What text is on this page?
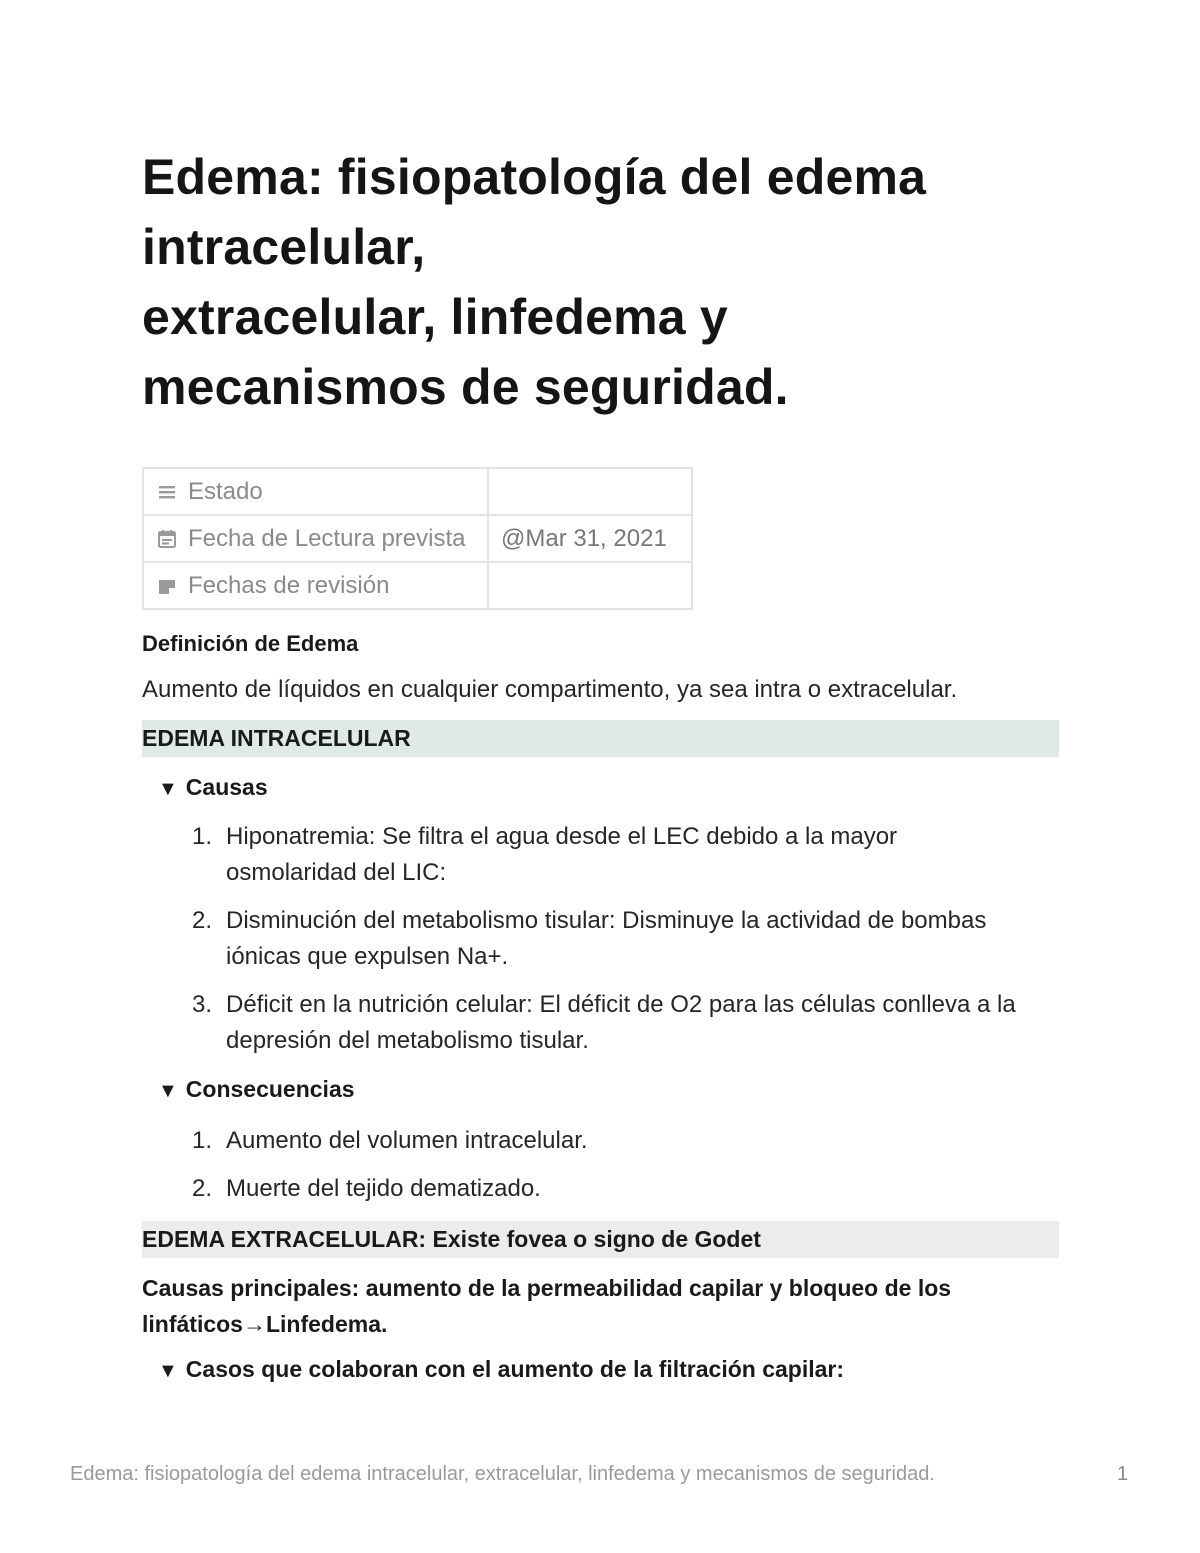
Edema: fisiopatología del edema
intracelular,
extracelular, linfedema y
mecanismos de seguridad.
Estado	

Fecha de Lectura prevista	@Mar 31, 2021

Fechas de revisión	

Definición de Edema
Aumento de líquidos en cualquier compartimento, ya sea intra o extracelular.
EDEMA INTRACELULAR
▼ Causas
1. Hiponatremia: Se filtra el agua desde el LEC debido a la mayor
osmolaridad del LIC:
2. Disminución del metabolismo tisular: Disminuye la actividad de bombas
iónicas que expulsen Na+.
3. Déficit en la nutrición celular: El déficit de O2 para las células conlleva a la
depresión del metabolismo tisular.
▼ Consecuencias
1. Aumento del volumen intracelular.
2. Muerte del tejido dematizado.
EDEMA EXTRACELULAR: Existe fovea o signo de Godet
Causas principales: aumento de la permeabilidad capilar y bloqueo de los
linfáticos→Linfedema.
▼ Casos que colaboran con el aumento de la filtración capilar:
Edema: fisiopatología del edema intracelular, extracelular, linfedema y mecanismos de seguridad.	1
